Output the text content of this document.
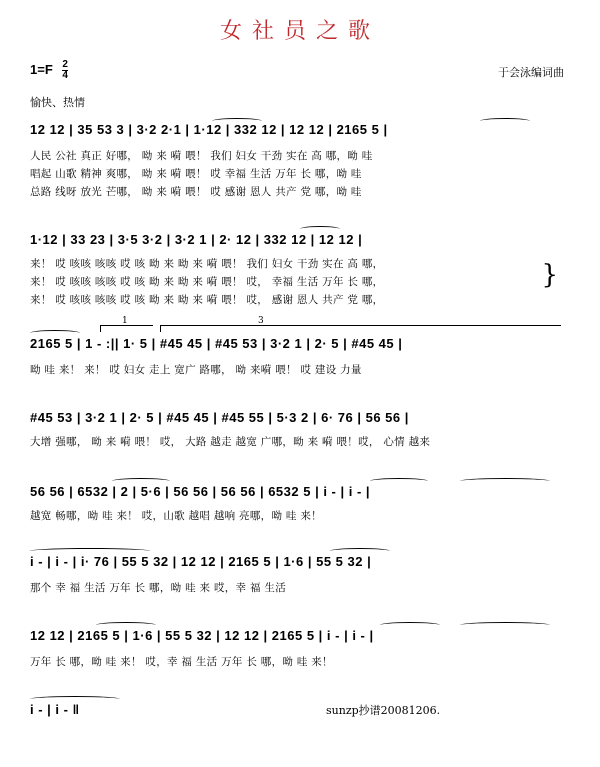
女社员之歌
$1=F \frac{2}{4}$	于会泳编词曲
愉快、热情
12 12 | 35 53 3 | 3·2 2·1 | 1·12 | 332 12 | 12 12 | 2165 5 |
人民 公社 真正 好哪， 呦 来 嗬 喂！ 我们 妇女 干劲 实在 高 哪，呦 哇
唱起 山歌 精神 爽哪， 呦 来 嗬 喂！ 哎 幸福 生活 万年 长 哪，呦 哇
总路 线呀 放光 芒哪， 呦 来 嗬 喂！ 哎 感谢 恩人 共产 党 哪，呦 哇
1·12 | 33 23 | 3·5 3·2 | 3·2 1 | 2· 12 | 332 12 | 12 12 |
来！ 哎 咳咳 咳咳 哎 咳 呦 来 呦 来 嗬 喂！ 我们 妇女 干劲 实在 高 哪，
来！ 哎 咳咳 咳咳 哎 咳 呦 来 呦 来 嗬 喂！ 哎， 幸福 生活 万年 长 哪，
来！ 哎 咳咳 咳咳 哎 咳 呦 来 呦 来 嗬 喂！ 哎， 感谢 恩人 共产 党 哪，
}
1	3
2165 5 | 1 - :|| 1· 5 | #45 45 | #45 53 | 3·2 1 | 2· 5 | #45 45 |
呦 哇 来！ 来！ 哎 妇女 走上 宽广 路哪， 呦 来嗬 喂！ 哎 建设 力量
#45 53 | 3·2 1 | 2· 5 | #45 45 | #45 55 | 5·3 2 | 6· 76 | 56 56 |
大增 强哪， 呦 来 嗬 喂！ 哎， 大路 越走 越宽 广哪，呦 来 嗬 喂！哎， 心情 越来
56 56 | 6532 | 2 | 5·6 | 56 56 | 56 56 | 6532 5 | i - | i - |
越宽 畅哪，呦 哇 来！ 哎，山歌 越唱 越响 亮哪，呦 哇 来！
i - | i - | i· 76 | 55 5 32 | 12 12 | 2165 5 | 1·6 | 55 5 32 |
那个 幸 福 生活 万年 长 哪，呦 哇 来 哎，幸 福 生活
12 12 | 2165 5 | 1·6 | 55 5 32 | 12 12 | 2165 5 | i - | i - |
万年 长 哪，呦 哇 来！ 哎，幸 福 生活 万年 长 哪，呦 哇 来！
i - | i - ‖	sunzp抄谱20081206.
